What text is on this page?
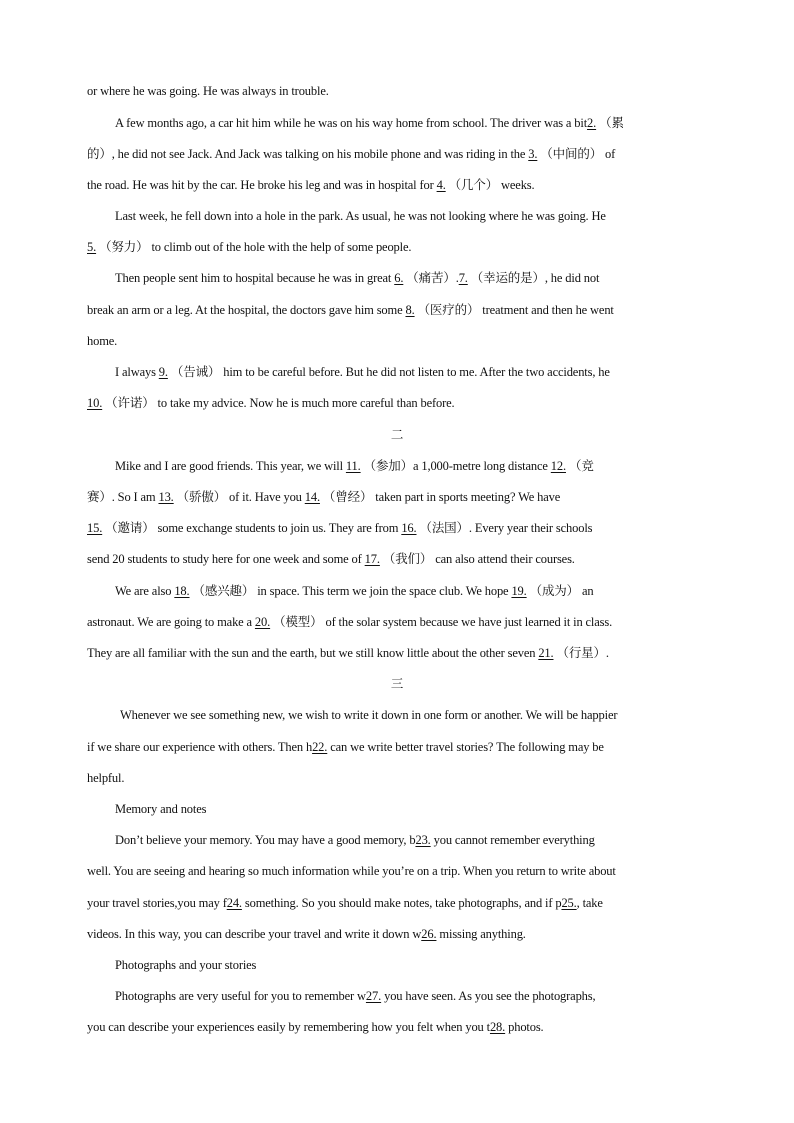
or where he was going. He was always in trouble.
A few months ago, a car hit him while he was on his way home from school. The driver was a bit2. （累
的）, he did not see Jack. And Jack was talking on his mobile phone and was riding in the 3. （中间的） of
the road. He was hit by the car. He broke his leg and was in hospital for 4. （几个） weeks.
Last week, he fell down into a hole in the park. As usual, he was not looking where he was going. He
5. （努力） to climb out of the hole with the help of some people.
Then people sent him to hospital because he was in great 6. （痛苦）.7. （幸运的是）, he did not
break an arm or a leg. At the hospital, the doctors gave him some 8. （医疗的） treatment and then he went
home.
I always 9. （告诫） him to be careful before. But he did not listen to me. After the two accidents, he
10. （许诺） to take my advice. Now he is much more careful than before.
二
Mike and I are good friends. This year, we will 11. （参加）a 1,000-metre long distance 12. （竞
赛）. So I am 13. （骄傲） of it. Have you 14. （曾经） taken part in sports meeting? We have
15. （邀请） some exchange students to join us. They are from 16. （法国）. Every year their schools
send 20 students to study here for one week and some of 17. （我们） can also attend their courses.
We are also 18. （感兴趣） in space. This term we join the space club. We hope 19. （成为） an
astronaut. We are going to make a 20. （模型） of the solar system because we have just learned it in class.
They are all familiar with the sun and the earth, but we still know little about the other seven 21. （行星）.
三
Whenever we see something new, we wish to write it down in one form or another. We will be happier
if we share our experience with others. Then h22. can we write better travel stories? The following may be
helpful.
Memory and notes
Don’t believe your memory. You may have a good memory, b23. you cannot remember everything
well. You are seeing and hearing so much information while you’re on a trip. When you return to write about
your travel stories,you may f24. something. So you should make notes, take photographs, and if p25., take
videos. In this way, you can describe your travel and write it down w26. missing anything.
Photographs and your stories
Photographs are very useful for you to remember w27. you have seen. As you see the photographs,
you can describe your experiences easily by remembering how you felt when you t28. photos.
